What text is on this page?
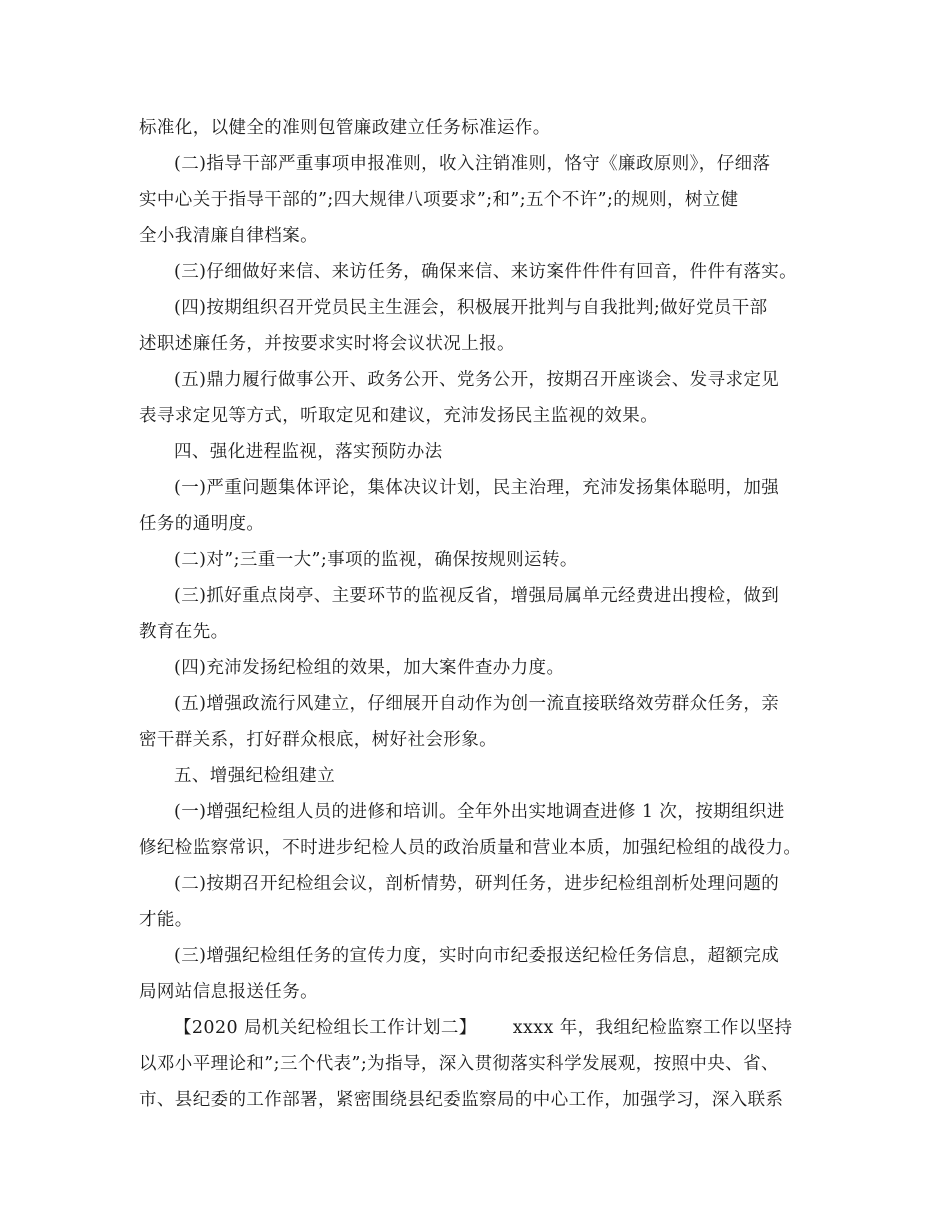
标准化，以健全的准则包管廉政建立任务标准运作。
(二)指导干部严重事项申报准则，收入注销准则，恪守《廉政原则》，仔细落
实中心关于指导干部的”;四大规律八项要求”;和”;五个不许”;的规则，树立健
全小我清廉自律档案。
(三)仔细做好来信、来访任务，确保来信、来访案件件件有回音，件件有落实。
(四)按期组织召开党员民主生涯会，积极展开批判与自我批判;做好党员干部
述职述廉任务，并按要求实时将会议状况上报。
(五)鼎力履行做事公开、政务公开、党务公开，按期召开座谈会、发寻求定见
表寻求定见等方式，听取定见和建议，充沛发扬民主监视的效果。
四、强化进程监视，落实预防办法
(一)严重问题集体评论，集体决议计划，民主治理，充沛发扬集体聪明，加强
任务的通明度。
(二)对”;三重一大”;事项的监视，确保按规则运转。
(三)抓好重点岗亭、主要环节的监视反省，增强局属单元经费进出搜检，做到
教育在先。
(四)充沛发扬纪检组的效果，加大案件查办力度。
(五)增强政流行风建立，仔细展开自动作为创一流直接联络效劳群众任务，亲
密干群关系，打好群众根底，树好社会形象。
五、增强纪检组建立
(一)增强纪检组人员的进修和培训。全年外出实地调查进修 1 次，按期组织进
修纪检监察常识，不时进步纪检人员的政治质量和营业本质，加强纪检组的战役力。
(二)按期召开纪检组会议，剖析情势，研判任务，进步纪检组剖析处理问题的
才能。
(三)增强纪检组任务的宣传力度，实时向市纪委报送纪检任务信息，超额完成
局网站信息报送任务。
【2020 局机关纪检组长工作计划二】 xxxx 年，我组纪检监察工作以坚持
以邓小平理论和”;三个代表”;为指导，深入贯彻落实科学发展观，按照中央、省、
市、县纪委的工作部署，紧密围绕县纪委监察局的中心工作，加强学习，深入联系
